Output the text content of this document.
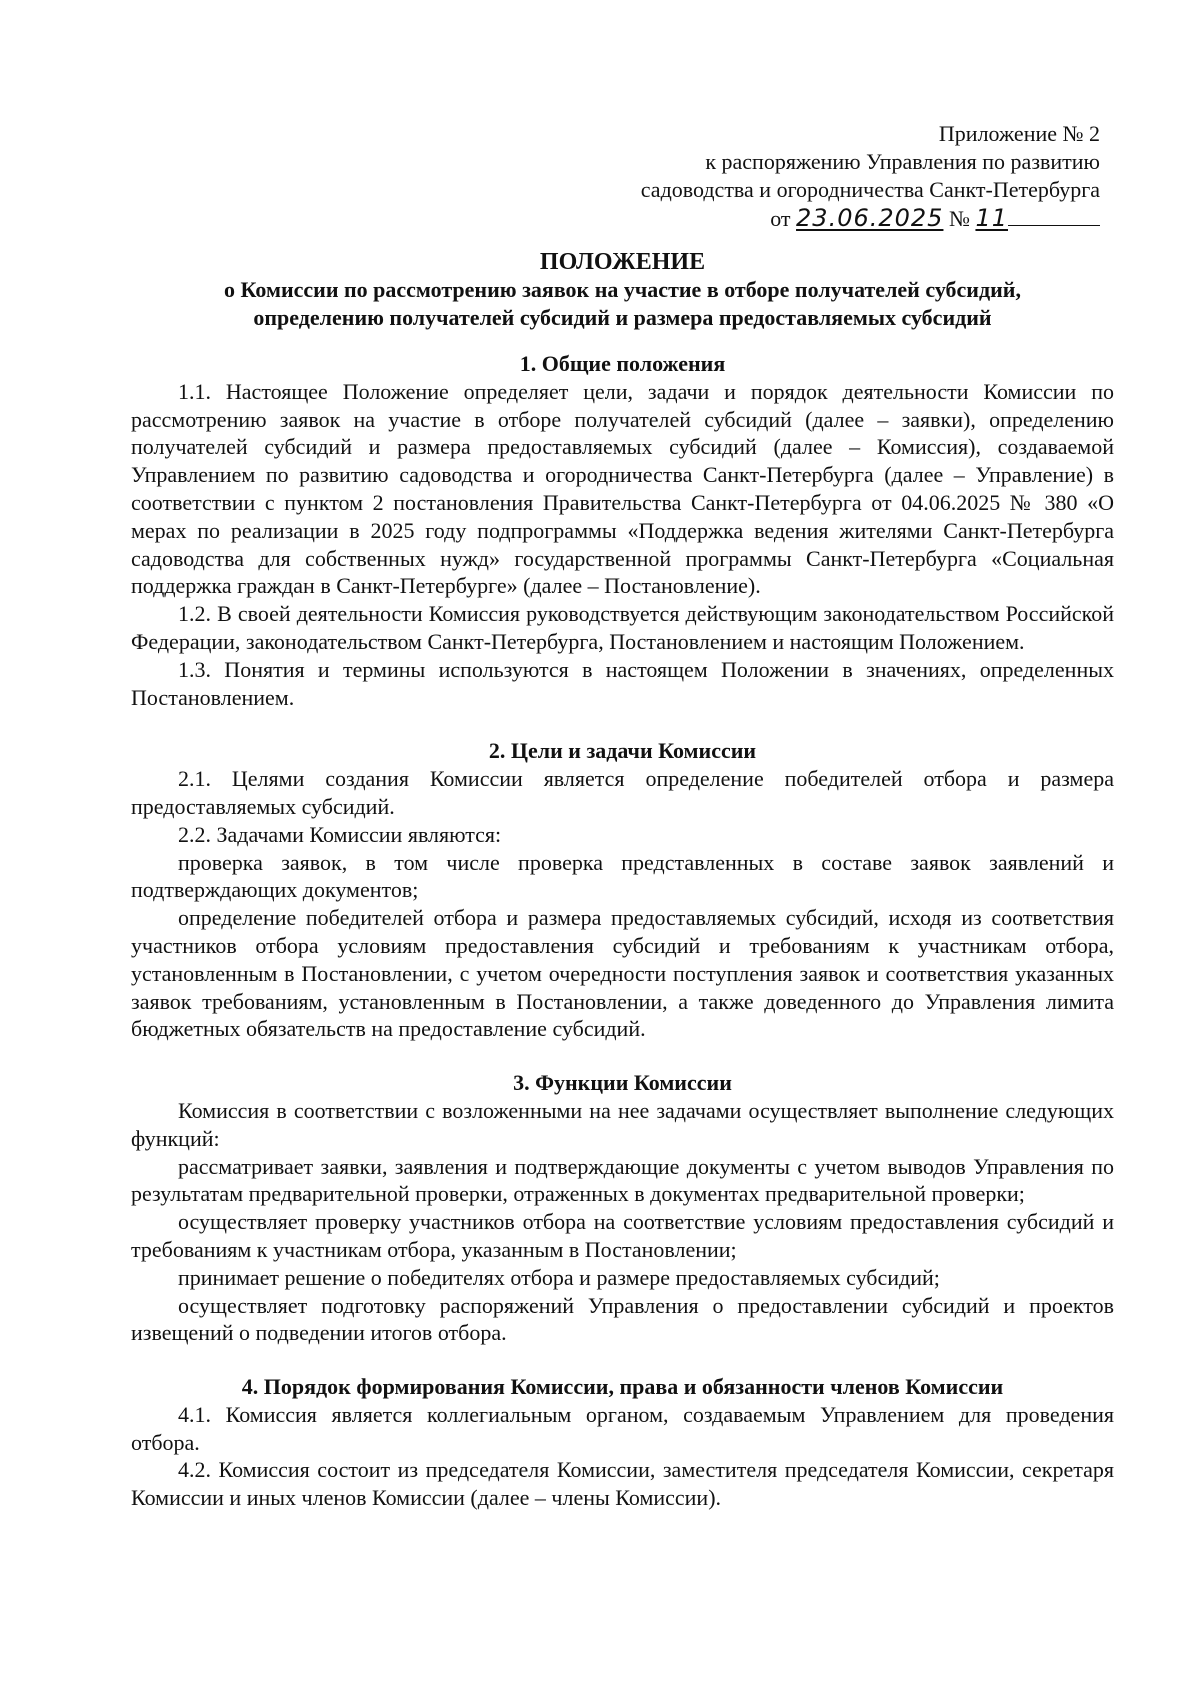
Приложение № 2
к распоряжению Управления по развитию
садоводства и огородничества Санкт-Петербурга
от 23.06.2025 № 11
ПОЛОЖЕНИЕ
о Комиссии по рассмотрению заявок на участие в отборе получателей субсидий,
определению получателей субсидий и размера предоставляемых субсидий
1. Общие положения

1.1. Настоящее Положение определяет цели, задачи и порядок деятельности Комиссии по рассмотрению заявок на участие в отборе получателей субсидий (далее – заявки), определению получателей субсидий и размера предоставляемых субсидий (далее – Комиссия), создаваемой Управлением по развитию садоводства и огородничества Санкт-Петербурга (далее – Управление) в соответствии с пунктом 2 постановления Правительства Санкт-Петербурга от 04.06.2025 № 380 «О мерах по реализации в 2025 году подпрограммы «Поддержка ведения жителями Санкт-Петербурга садоводства для собственных нужд» государственной программы Санкт-Петербурга «Социальная поддержка граждан в Санкт-Петербурге» (далее – Постановление).

1.2. В своей деятельности Комиссия руководствуется действующим законодательством Российской Федерации, законодательством Санкт-Петербурга, Постановлением и настоящим Положением.

1.3. Понятия и термины используются в настоящем Положении в значениях, определенных Постановлением.

2. Цели и задачи Комиссии

2.1. Целями создания Комиссии является определение победителей отбора и размера предоставляемых субсидий.

2.2. Задачами Комиссии являются:

проверка заявок, в том числе проверка представленных в составе заявок заявлений и подтверждающих документов;

определение победителей отбора и размера предоставляемых субсидий, исходя из соответствия участников отбора условиям предоставления субсидий и требованиям к участникам отбора, установленным в Постановлении, с учетом очередности поступления заявок и соответствия указанных заявок требованиям, установленным в Постановлении, а также доведенного до Управления лимита бюджетных обязательств на предоставление субсидий.

3. Функции Комиссии

Комиссия в соответствии с возложенными на нее задачами осуществляет выполнение следующих функций:

рассматривает заявки, заявления и подтверждающие документы с учетом выводов Управления по результатам предварительной проверки, отраженных в документах предварительной проверки;

осуществляет проверку участников отбора на соответствие условиям предоставления субсидий и требованиям к участникам отбора, указанным в Постановлении;

принимает решение о победителях отбора и размере предоставляемых субсидий;

осуществляет подготовку распоряжений Управления о предоставлении субсидий и проектов извещений о подведении итогов отбора.

4. Порядок формирования Комиссии, права и обязанности членов Комиссии

4.1. Комиссия является коллегиальным органом, создаваемым Управлением для проведения отбора.

4.2. Комиссия состоит из председателя Комиссии, заместителя председателя Комиссии, секретаря Комиссии и иных членов Комиссии (далее – члены Комиссии).
